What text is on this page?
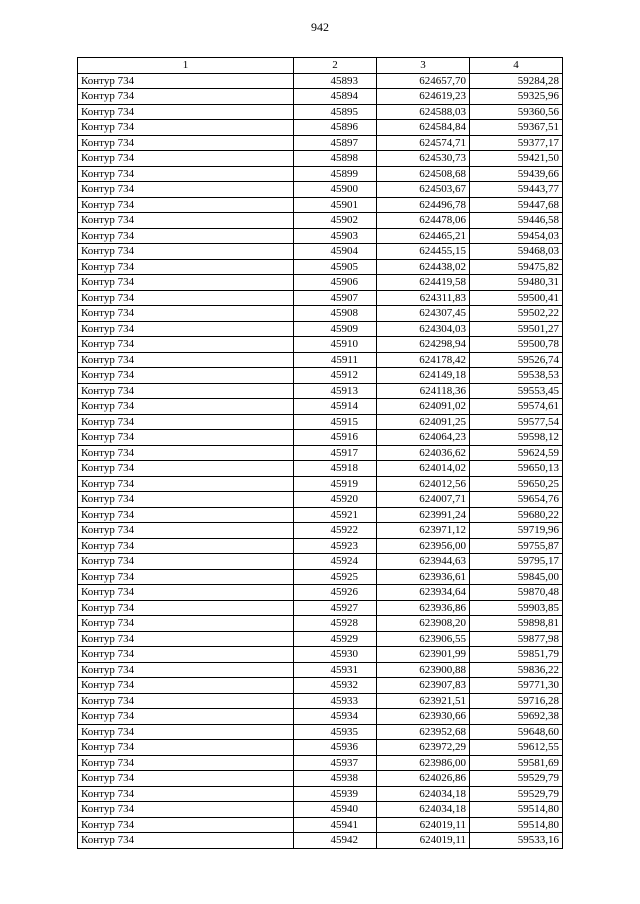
942
1	2	3	4
Контур 734	45893	624657,70	59284,28
Контур 734	45894	624619,23	59325,96
Контур 734	45895	624588,03	59360,56
Контур 734	45896	624584,84	59367,51
Контур 734	45897	624574,71	59377,17
Контур 734	45898	624530,73	59421,50
Контур 734	45899	624508,68	59439,66
Контур 734	45900	624503,67	59443,77
Контур 734	45901	624496,78	59447,68
Контур 734	45902	624478,06	59446,58
Контур 734	45903	624465,21	59454,03
Контур 734	45904	624455,15	59468,03
Контур 734	45905	624438,02	59475,82
Контур 734	45906	624419,58	59480,31
Контур 734	45907	624311,83	59500,41
Контур 734	45908	624307,45	59502,22
Контур 734	45909	624304,03	59501,27
Контур 734	45910	624298,94	59500,78
Контур 734	45911	624178,42	59526,74
Контур 734	45912	624149,18	59538,53
Контур 734	45913	624118,36	59553,45
Контур 734	45914	624091,02	59574,61
Контур 734	45915	624091,25	59577,54
Контур 734	45916	624064,23	59598,12
Контур 734	45917	624036,62	59624,59
Контур 734	45918	624014,02	59650,13
Контур 734	45919	624012,56	59650,25
Контур 734	45920	624007,71	59654,76
Контур 734	45921	623991,24	59680,22
Контур 734	45922	623971,12	59719,96
Контур 734	45923	623956,00	59755,87
Контур 734	45924	623944,63	59795,17
Контур 734	45925	623936,61	59845,00
Контур 734	45926	623934,64	59870,48
Контур 734	45927	623936,86	59903,85
Контур 734	45928	623908,20	59898,81
Контур 734	45929	623906,55	59877,98
Контур 734	45930	623901,99	59851,79
Контур 734	45931	623900,88	59836,22
Контур 734	45932	623907,83	59771,30
Контур 734	45933	623921,51	59716,28
Контур 734	45934	623930,66	59692,38
Контур 734	45935	623952,68	59648,60
Контур 734	45936	623972,29	59612,55
Контур 734	45937	623986,00	59581,69
Контур 734	45938	624026,86	59529,79
Контур 734	45939	624034,18	59529,79
Контур 734	45940	624034,18	59514,80
Контур 734	45941	624019,11	59514,80
Контур 734	45942	624019,11	59533,16
